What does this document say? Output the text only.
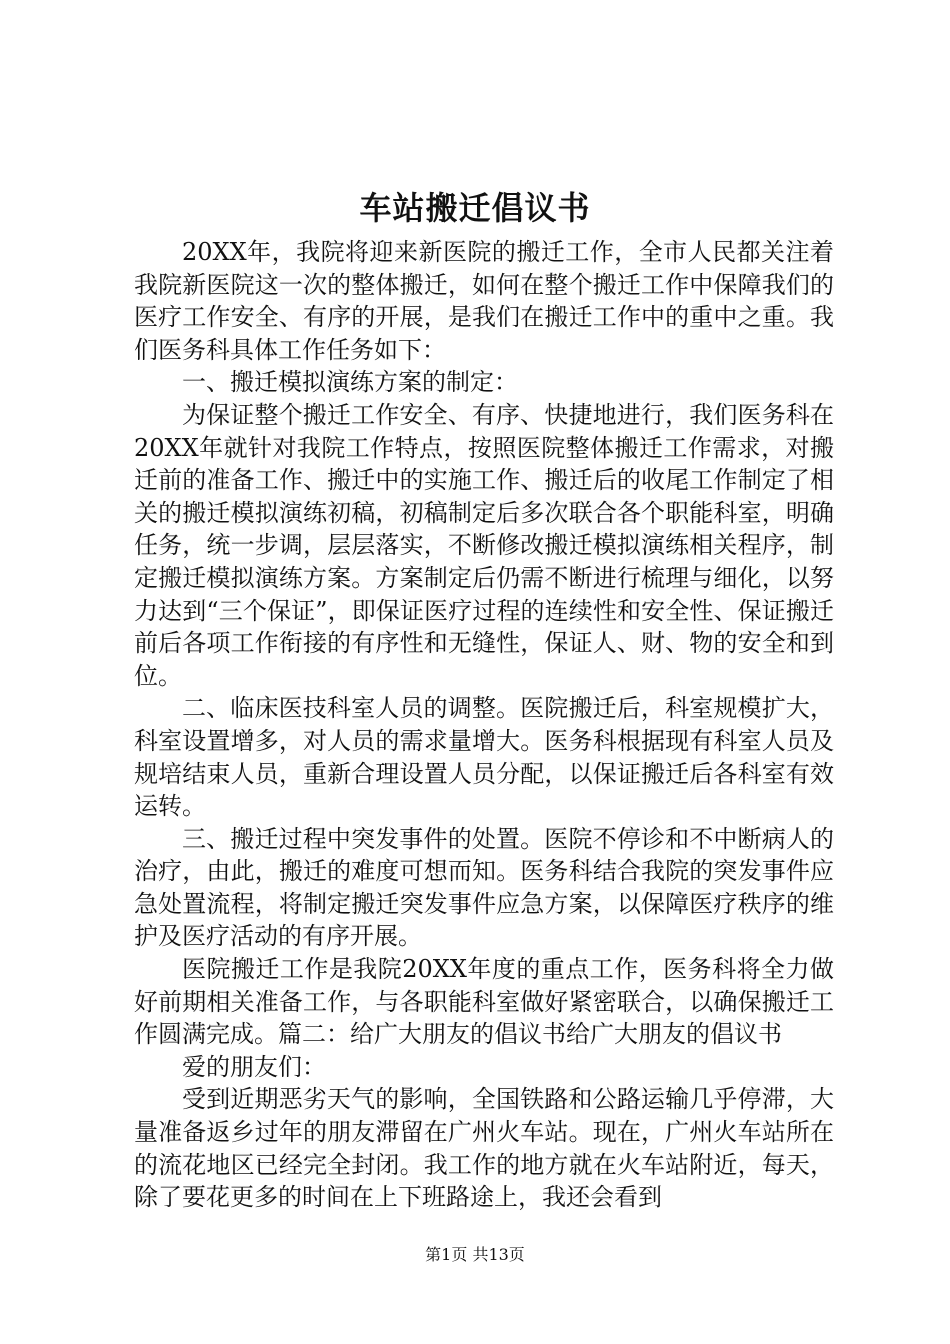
车站搬迁倡议书

20XX年，我院将迎来新医院的搬迁工作，全市人民都关注着我院新医院这一次的整体搬迁，如何在整个搬迁工作中保障我们的医疗工作安全、有序的开展，是我们在搬迁工作中的重中之重。我们医务科具体工作任务如下：

一、搬迁模拟演练方案的制定：

为保证整个搬迁工作安全、有序、快捷地进行，我们医务科在20XX年就针对我院工作特点，按照医院整体搬迁工作需求，对搬迁前的准备工作、搬迁中的实施工作、搬迁后的收尾工作制定了相关的搬迁模拟演练初稿，初稿制定后多次联合各个职能科室，明确任务，统一步调，层层落实，不断修改搬迁模拟演练相关程序，制定搬迁模拟演练方案。方案制定后仍需不断进行梳理与细化，以努力达到“三个保证”，即保证医疗过程的连续性和安全性、保证搬迁前后各项工作衔接的有序性和无缝性，保证人、财、物的安全和到位。

二、临床医技科室人员的调整。医院搬迁后，科室规模扩大，科室设置增多，对人员的需求量增大。医务科根据现有科室人员及规培结束人员，重新合理设置人员分配，以保证搬迁后各科室有效运转。

三、搬迁过程中突发事件的处置。医院不停诊和不中断病人的治疗，由此，搬迁的难度可想而知。医务科结合我院的突发事件应急处置流程，将制定搬迁突发事件应急方案，以保障医疗秩序的维护及医疗活动的有序开展。

医院搬迁工作是我院20XX年度的重点工作，医务科将全力做好前期相关准备工作，与各职能科室做好紧密联合，以确保搬迁工作圆满完成。篇二：给广大朋友的倡议书给广大朋友的倡议书

爱的朋友们：

受到近期恶劣天气的影响，全国铁路和公路运输几乎停滞，大量准备返乡过年的朋友滞留在广州火车站。现在，广州火车站所在的流花地区已经完全封闭。我工作的地方就在火车站附近，每天，除了要花更多的时间在上下班路途上，我还会看到

第1页 共13页
